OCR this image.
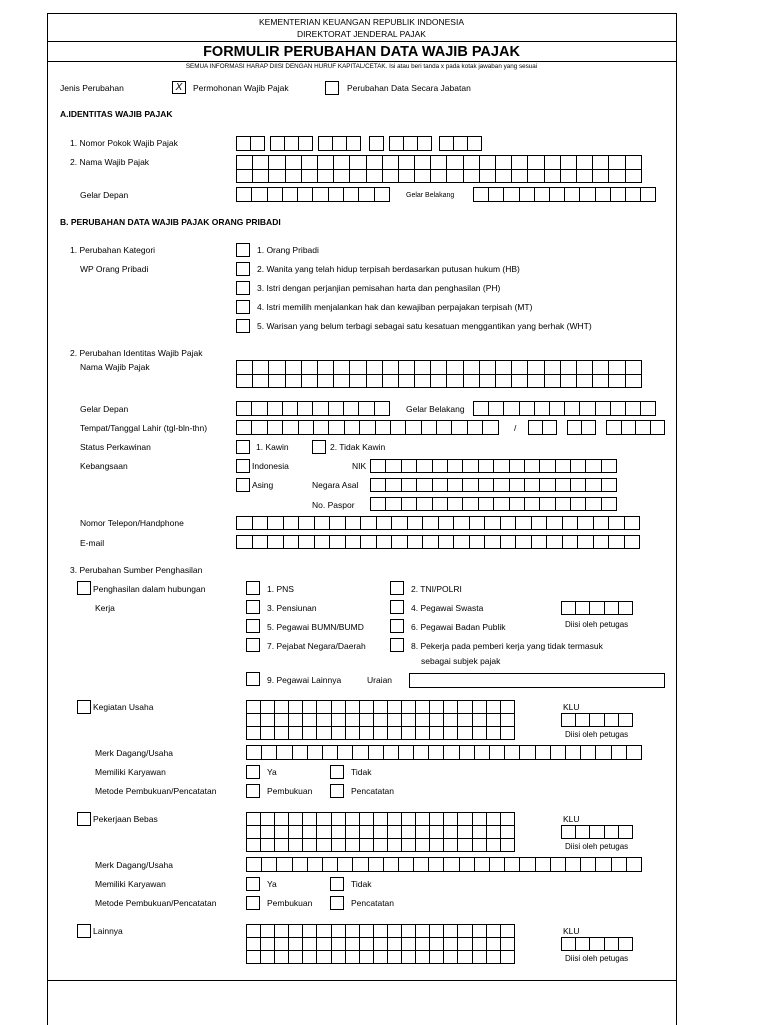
KEMENTERIAN KEUANGAN REPUBLIK INDONESIA
DIREKTORAT JENDERAL PAJAK
FORMULIR PERUBAHAN DATA WAJIB PAJAK
SEMUA INFORMASI HARAP DIISI DENGAN HURUF KAPITAL/CETAK. Isi atau beri tanda x pada kotak jawaban yang sesuai
Jenis Perubahan	X	Permohonan Wajib Pajak	Perubahan Data Secara Jabatan
A.IDENTITAS WAJIB PAJAK
1. Nomor Pokok Wajib Pajak
2. Nama Wajib Pajak
Gelar Depan	Gelar Belakang
B. PERUBAHAN DATA WAJIB PAJAK ORANG PRIBADI
1. Perubahan Kategori
WP Orang Pribadi
1. Orang Pribadi
2. Wanita yang telah hidup terpisah berdasarkan putusan hukum (HB)
3. Istri dengan perjanjian pemisahan harta dan penghasilan (PH)
4. Istri memilih menjalankan hak dan kewajiban perpajakan terpisah (MT)
5. Warisan yang belum terbagi sebagai satu kesatuan menggantikan yang berhak (WHT)
2. Perubahan Identitas Wajib Pajak
Nama Wajib Pajak
Gelar Depan	Gelar Belakang
Tempat/Tanggal Lahir (tgl-bln-thn)	/
Status Perkawinan	1. Kawin	2. Tidak Kawin
Kebangsaan	Indonesia	NIK
Asing	Negara Asal
No. Paspor
Nomor Telepon/Handphone
E-mail
3. Perubahan Sumber Penghasilan
Penghasilan dalam hubungan
Kerja
1. PNS	2. TNI/POLRI
3. Pensiunan	4. Pegawai Swasta
Diisi oleh petugas
5. Pegawai BUMN/BUMD	6. Pegawai Badan Publik
7. Pejabat Negara/Daerah	8. Pekerja pada pemberi kerja yang tidak termasuk
sebagai subjek pajak
9. Pegawai Lainnya	Uraian
Kegiatan Usaha	KLU
Diisi oleh petugas
Merk Dagang/Usaha
Memiliki Karyawan	Ya	Tidak
Metode Pembukuan/Pencatatan	Pembukuan	Pencatatan
Pekerjaan Bebas	KLU
Diisi oleh petugas
Merk Dagang/Usaha
Memiliki Karyawan	Ya	Tidak
Metode Pembukuan/Pencatatan	Pembukuan	Pencatatan
Lainnya	KLU
Diisi oleh petugas
